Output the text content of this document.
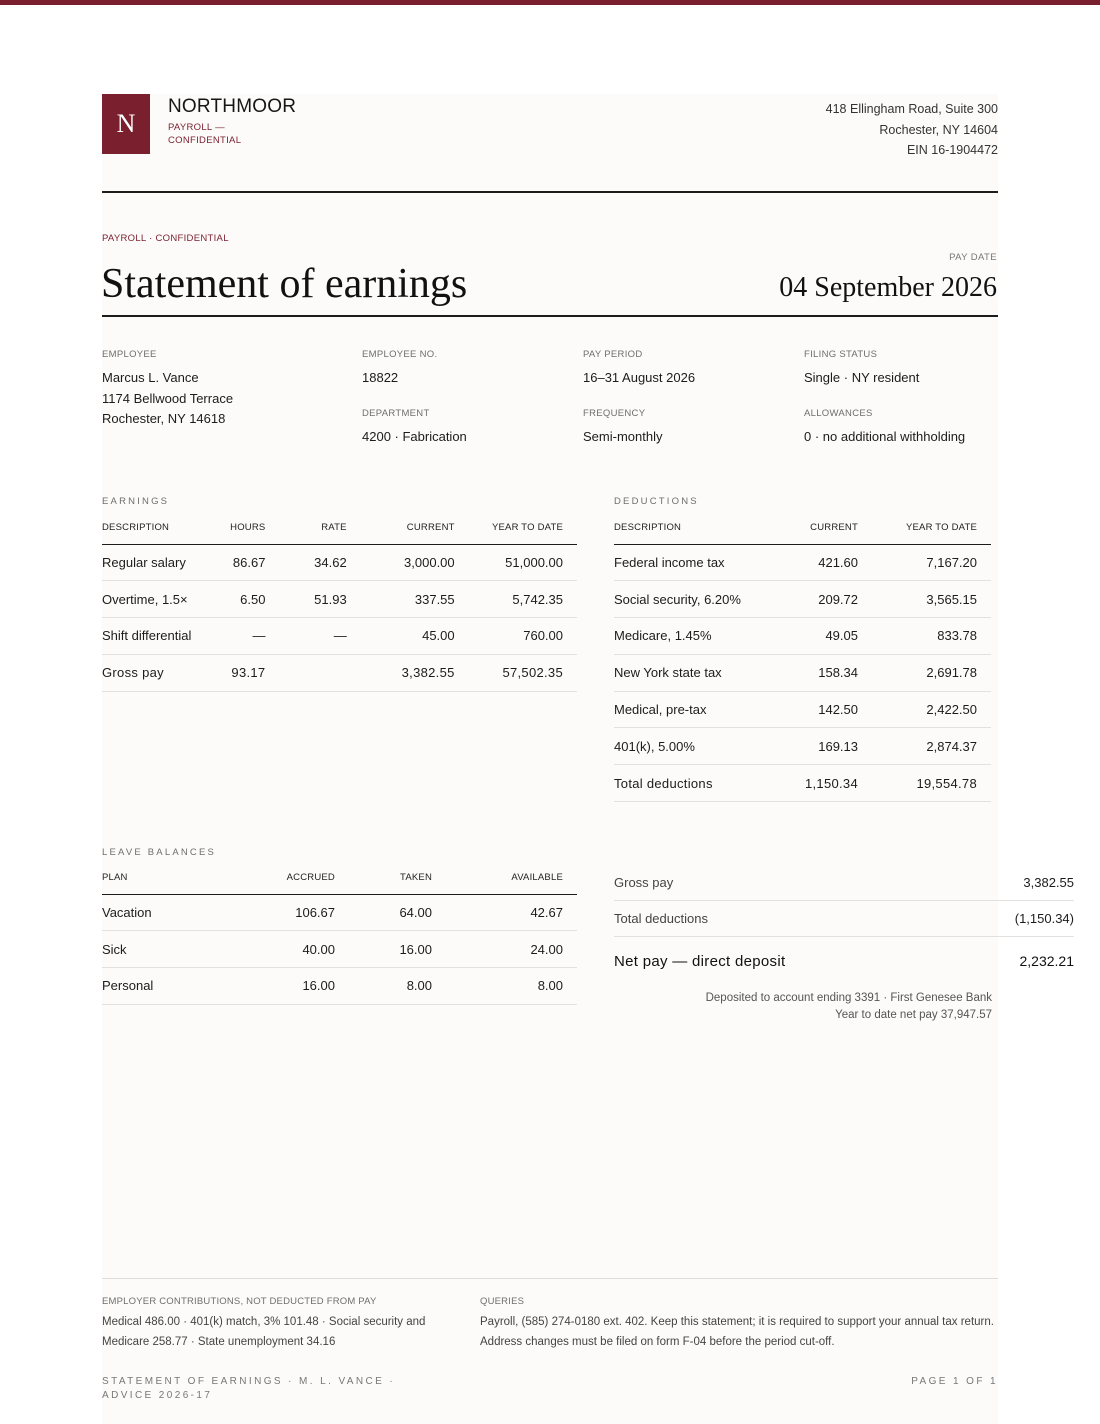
N
NORTHMOOR
PAYROLL — CONFIDENTIAL
418 Ellingham Road, Suite 300
Rochester, NY 14604
EIN 16-1904472
PAYROLL · CONFIDENTIAL
Statement of earnings
PAY DATE
04 September 2026
EMPLOYEE
Marcus L. Vance
1174 Bellwood Terrace
Rochester, NY 14618
EMPLOYEE NO.
18822
DEPARTMENT
4200 · Fabrication
PAY PERIOD
16–31 August 2026
FREQUENCY
Semi-monthly
FILING STATUS
Single · NY resident
ALLOWANCES
0 · no additional withholding
EARNINGS
DESCRIPTION	HOURS	RATE	CURRENT	YEAR TO DATE
Regular salary	86.67	34.62	3,000.00	51,000.00
Overtime, 1.5×	6.50	51.93	337.55	5,742.35
Shift differential	—	—	45.00	760.00
Gross pay	93.17		3,382.55	57,502.35
DEDUCTIONS
DESCRIPTION	CURRENT	YEAR TO DATE
Federal income tax	421.60	7,167.20
Social security, 6.20%	209.72	3,565.15
Medicare, 1.45%	49.05	833.78
New York state tax	158.34	2,691.78
Medical, pre-tax	142.50	2,422.50
401(k), 5.00%	169.13	2,874.37
Total deductions	1,150.34	19,554.78
LEAVE BALANCES
PLAN	ACCRUED	TAKEN	AVAILABLE
Vacation	106.67	64.00	42.67
Sick	40.00	16.00	24.00
Personal	16.00	8.00	8.00
Gross pay	3,382.55
Total deductions	(1,150.34)
Net pay — direct deposit	2,232.21
Deposited to account ending 3391 · First Genesee Bank
Year to date net pay 37,947.57
EMPLOYER CONTRIBUTIONS, NOT DEDUCTED FROM PAY
Medical 486.00 · 401(k) match, 3% 101.48 · Social security and
Medicare 258.77 · State unemployment 34.16
QUERIES
Payroll, (585) 274-0180 ext. 402. Keep this statement; it is required to support your annual tax return.
Address changes must be filed on form F-04 before the period cut-off.
STATEMENT OF EARNINGS · M. L. VANCE ·
ADVICE 2026-17
PAGE 1 OF 1
